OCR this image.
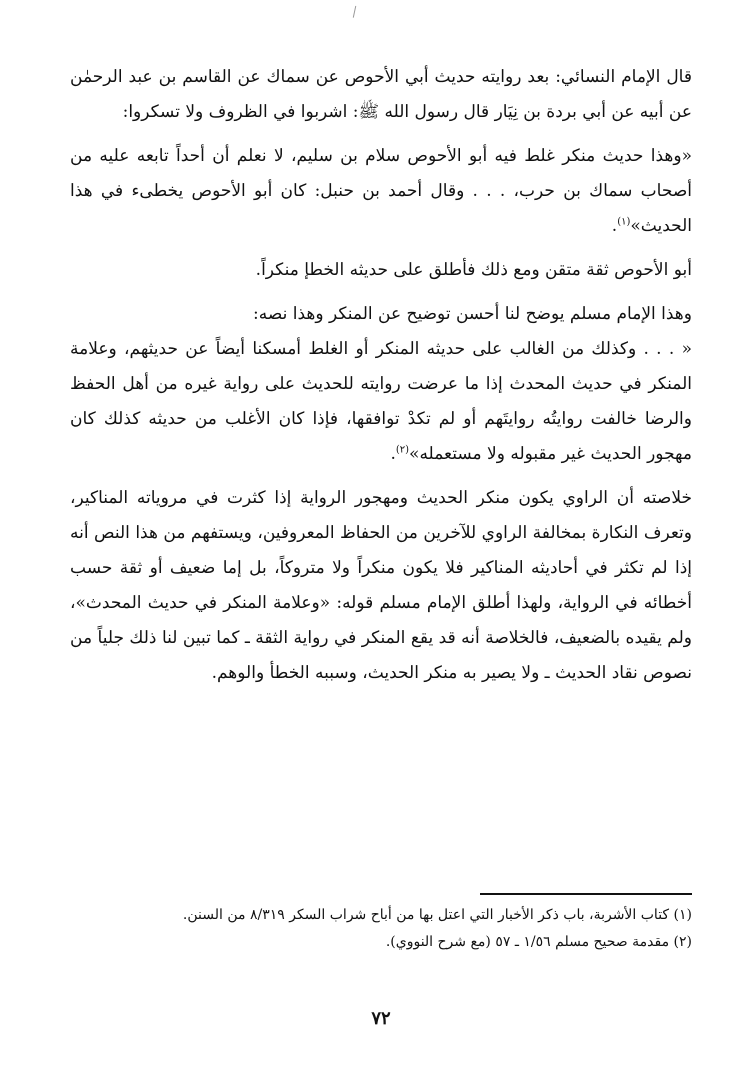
قال الإمام النسائي: بعد روايته حديث أبي الأحوص عن سماك عن القاسم بن عبد الرحمٰن عن أبيه عن أبي بردة بن نِيَار قال رسول الله ﷺ: اشربوا في الظروف ولا تسكروا:

«وهذا حديث منكر غلط فيه أبو الأحوص سلام بن سليم، لا نعلم أن أحداً تابعه عليه من أصحاب سماك بن حرب، . . . وقال أحمد بن حنبل: كان أبو الأحوص يخطىء في هذا الحديث»$^{(١)}$.

أبو الأحوص ثقة متقن ومع ذلك فأطلق على حديثه الخطإ منكراً.

وهذا الإمام مسلم يوضح لنا أحسن توضيح عن المنكر وهذا نصه:

« . . . وكذلك من الغالب على حديثه المنكر أو الغلط أمسكنا أيضاً عن حديثهم، وعلامة المنكر في حديث المحدث إذا ما عرضت روايته للحديث على رواية غيره من أهل الحفظ والرضا خالفت روايتُه روايتَهم أو لم تكدْ توافقها، فإذا كان الأغلب من حديثه كذلك كان مهجور الحديث غير مقبوله ولا مستعمله»$^{(٢)}$.

خلاصته أن الراوي يكون منكر الحديث ومهجور الرواية إذا كثرت في مروياته المناكير، وتعرف النكارة بمخالفة الراوي للآخرين من الحفاظ المعروفين، ويستفهم من هذا النص أنه إذا لم تكثر في أحاديثه المناكير فلا يكون منكراً ولا متروكاً، بل إما ضعيف أو ثقة حسب أخطائه في الرواية، ولهذا أطلق الإمام مسلم قوله: «وعلامة المنكر في حديث المحدث»، ولم يقيده بالضعيف، فالخلاصة أنه قد يقع المنكر في رواية الثقة ـ كما تبين لنا ذلك جلياً من نصوص نقاد الحديث ـ ولا يصير به منكر الحديث، وسببه الخطأ والوهم.

(١) كتاب الأشربة، باب ذكر الأخبار التي اعتل بها من أباح شراب السكر ٨/٣١٩ من السنن.

(٢) مقدمة صحيح مسلم ١/٥٦ ـ ٥٧ (مع شرح النووي).

٧٢
